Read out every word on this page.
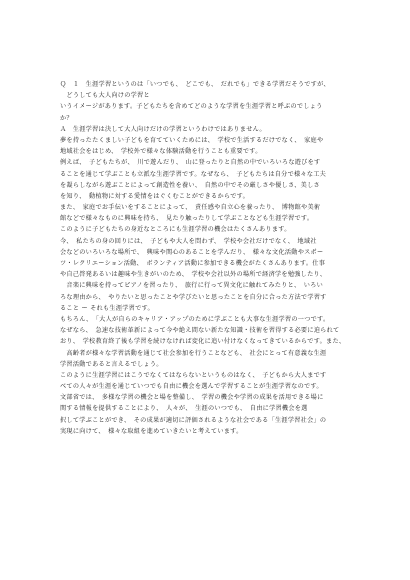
Ｑ　１　生涯学習というのは「いつでも、　どこでも、　だれでも」できる学習だそうですが、
　どうしても大人向けの学習と
いうイメージがあります。子どもたちを含めてどのような学習を生涯学習と呼ぶのでしょう
か？
Ａ　生涯学習は決して大人向けだけの学習というわけではありません。
夢を持ったたくましい子どもを育てていくためには、　学校で生活するだけでなく、　家庭や
地域社会をはじめ、　学校外で様々な体験活動を行うことも重要です。
例えば、　子どもたちが、　川で遊んだり、　山に登ったりと自然の中でいろいろな遊びをす
ることを通じて学ぶことも立派な生涯学習です。なぜなら、　子どもたちは自分で様々な工夫
を凝らしながら遊ぶことによって創造性を養い、　自然の中でその厳しさや優しさ、美しさ
を知り、　動植物に対する愛情をはぐくむことができるからです。
また、　家庭でお手伝いをすることによって、　責任感や自立心を養ったり、　博物館や美術
館などで様々なものに興味を持ち、　見たり触ったりして学ぶことなども生涯学習です。
このように子どもたちの身近なところにも生涯学習の機会はたくさんあります。
今、　私たちの身の回りには、　子どもや大人を問わず、　学校や会社だけでなく、　地域社
会などのいろいろな場所で、　興味や関心のあることを学んだり、　様々な文化活動やスポー
ツ・レクリエーション活動、　ボランティア活動に参加できる機会がたくさんあります。仕事
や自己啓発あるいは趣味や生きがいのため、　学校や会社以外の場所で経済学を勉強したり、
　音楽に興味を持ってピアノを習ったり、　旅行に行って異文化に触れてみたりと、　いろい
ろな理由から、　やりたいと思ったことや学びたいと思ったことを自分に合った方法で学習す
ること ー それも生涯学習です。
もちろん、　「大人が自らのキャリア・アップのために学ぶことも大事な生涯学習の一つです。
なぜなら、　急速な技術革新によって今や絶え間ない新たな知識・技術を習得する必要に迫られて
おり、　学校教育終了後も学習を続けなければ変化に追い付けなくなってきているからです。また、
　高齢者が様々な学習活動を通じて社会参加を行うことなども、　社会にとって有意義な生涯
学習活動であると言えるでしょう。
このように生涯学習にはこうでなくてはならないというものはなく、　子どもから大人まです
べての人々が生涯を通じていつでも自由に機会を選んで学習することが生涯学習なのです。
文部省では、　多様な学習の機会と場を整備し、　学習の機会や学習の成果を活用できる場に
関する情報を提供することにより、　人々が、　生涯のいつでも、　自由に学習機会を選
択して学ぶことができ、　その成果が適切に評価されるような社会である「生涯学習社会」の
実現に向けて、　様々な取組を進めていきたいと考えています。
